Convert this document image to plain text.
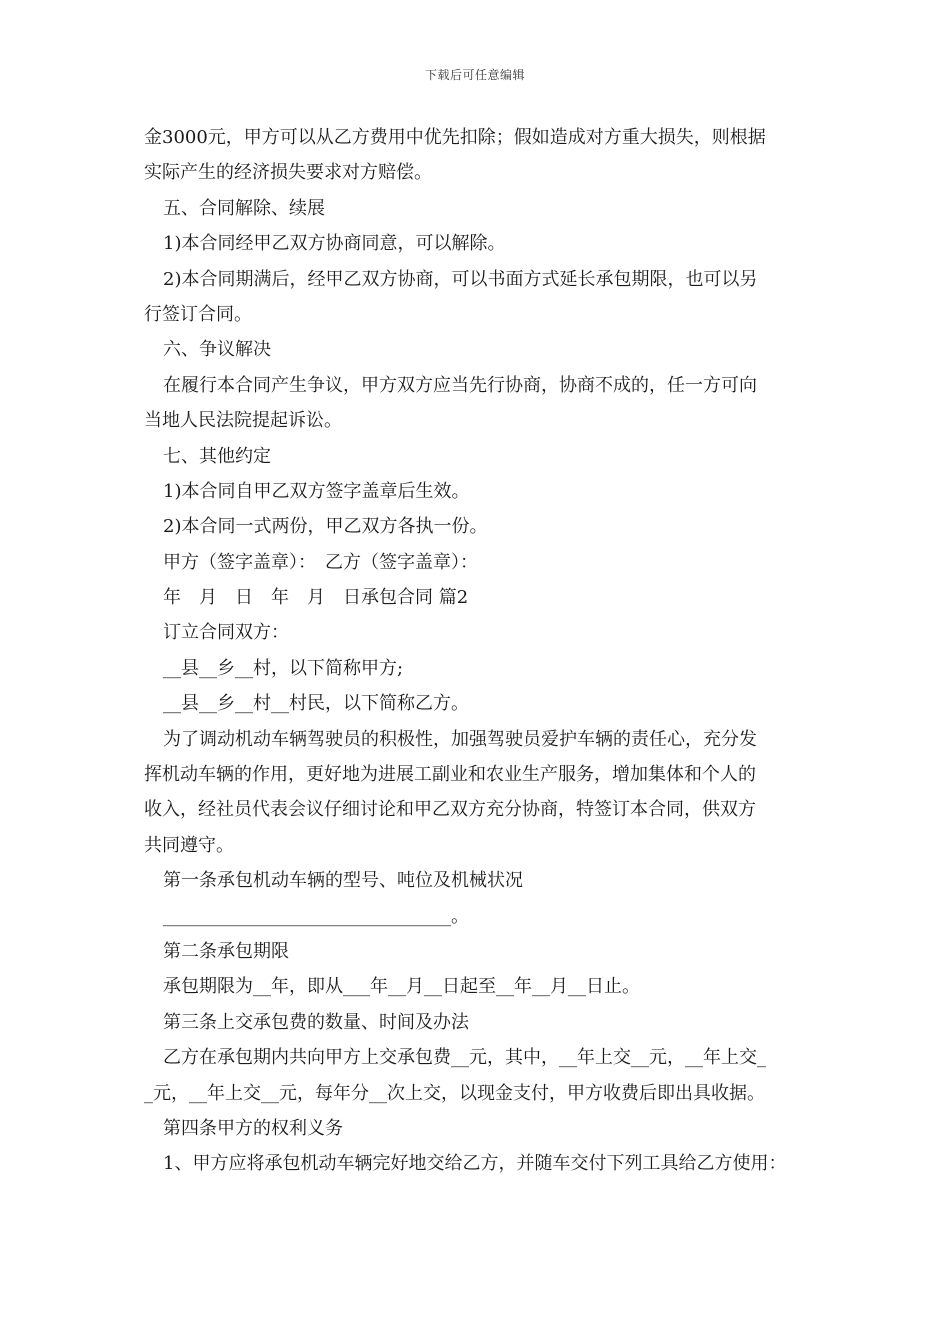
下载后可任意编辑
金3000元，甲方可以从乙方费用中优先扣除；假如造成对方重大损失，则根据
实际产生的经济损失要求对方赔偿。
五、合同解除、续展
1)本合同经甲乙双方协商同意，可以解除。
2)本合同期满后，经甲乙双方协商，可以书面方式延长承包期限，也可以另
行签订合同。
六、争议解决
在履行本合同产生争议，甲方双方应当先行协商，协商不成的，任一方可向
当地人民法院提起诉讼。
七、其他约定
1)本合同自甲乙双方签字盖章后生效。
2)本合同一式两份，甲乙双方各执一份。
甲方（签字盖章）：　乙方（签字盖章）：
年　月　日　年　月　日承包合同 篇2
订立合同双方：
__县__乡__村，以下简称甲方;
__县__乡__村__村民，以下简称乙方。
为了调动机动车辆驾驶员的积极性，加强驾驶员爱护车辆的责任心，充分发
挥机动车辆的作用，更好地为进展工副业和农业生产服务，增加集体和个人的
收入，经社员代表会议仔细讨论和甲乙双方充分协商，特签订本合同，供双方
共同遵守。
第一条承包机动车辆的型号、吨位及机械状况
________________________________。
第二条承包期限
承包期限为__年，即从___年__月__日起至__年__月__日止。
第三条上交承包费的数量、时间及办法
乙方在承包期内共向甲方上交承包费__元，其中，__年上交__元，__年上交_
_元，__年上交__元，每年分__次上交，以现金支付，甲方收费后即出具收据。
第四条甲方的权利义务
1、甲方应将承包机动车辆完好地交给乙方，并随车交付下列工具给乙方使用：
